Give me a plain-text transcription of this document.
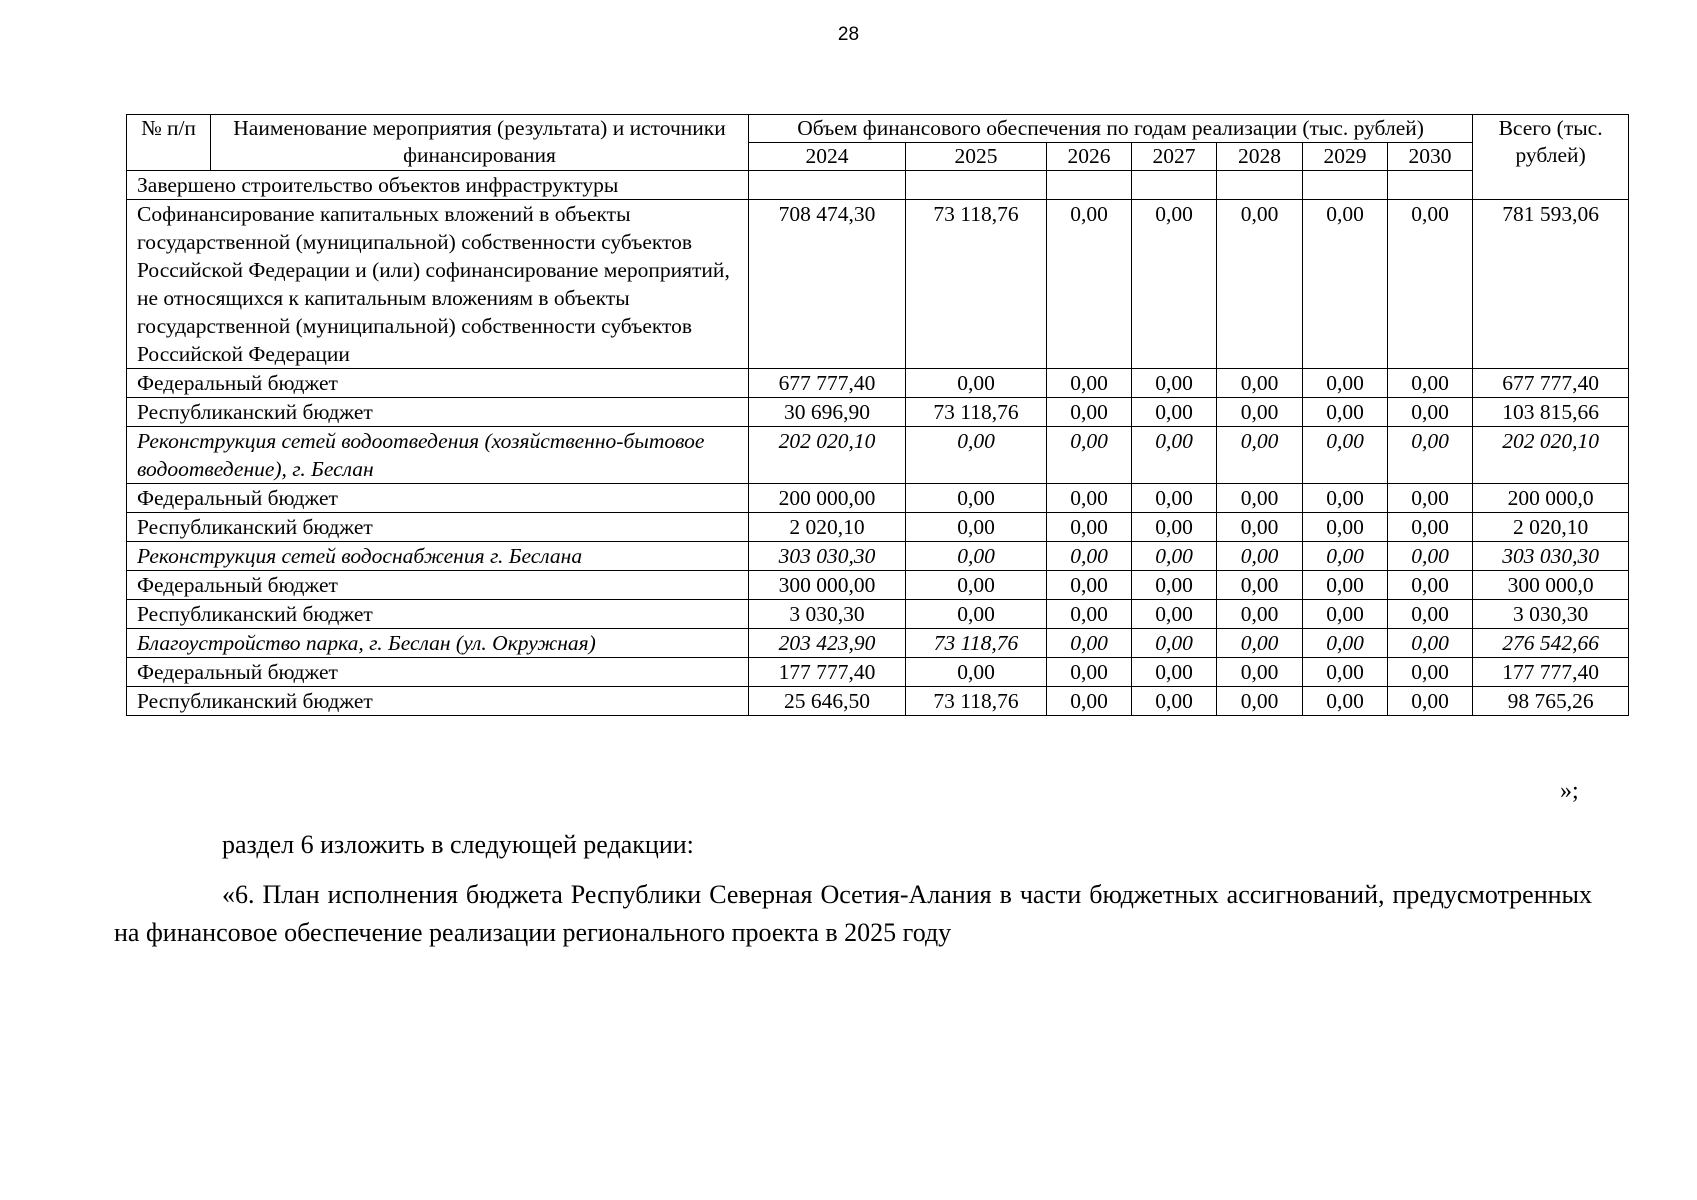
28
№ п/п	Наименование мероприятия (результата) и источники финансирования	Объем финансового обеспечения по годам реализации (тыс. рублей)							Всего (тыс. рублей)
		2024	2025	2026	2027	2028	2029	2030	
Завершено строительство объектов инфраструктуры									
Софинансирование капитальных вложений в объекты государственной (муниципальной) собственности субъектов Российской Федерации и (или) софинансирование мероприятий, не относящихся к капитальным вложениям в объекты государственной (муниципальной) собственности субъектов Российской Федерации		708 474,30	73 118,76	0,00	0,00	0,00	0,00	0,00	781 593,06
Федеральный бюджет		677 777,40	0,00	0,00	0,00	0,00	0,00	0,00	677 777,40
Республиканский бюджет		30 696,90	73 118,76	0,00	0,00	0,00	0,00	0,00	103 815,66
Реконструкция сетей водоотведения (хозяйственно-бытовое водоотведение), г. Беслан		202 020,10	0,00	0,00	0,00	0,00	0,00	0,00	202 020,10
Федеральный бюджет		200 000,00	0,00	0,00	0,00	0,00	0,00	0,00	200 000,0
Республиканский бюджет		2 020,10	0,00	0,00	0,00	0,00	0,00	0,00	2 020,10
Реконструкция сетей водоснабжения г. Беслана		303 030,30	0,00	0,00	0,00	0,00	0,00	0,00	303 030,30
Федеральный бюджет		300 000,00	0,00	0,00	0,00	0,00	0,00	0,00	300 000,0
Республиканский бюджет		3 030,30	0,00	0,00	0,00	0,00	0,00	0,00	3 030,30
Благоустройство парка, г. Беслан (ул. Окружная)		203 423,90	73 118,76	0,00	0,00	0,00	0,00	0,00	276 542,66
Федеральный бюджет		177 777,40	0,00	0,00	0,00	0,00	0,00	0,00	177 777,40
Республиканский бюджет		25 646,50	73 118,76	0,00	0,00	0,00	0,00	0,00	98 765,26
»;

раздел 6 изложить в следующей редакции:

«6. План исполнения бюджета Республики Северная Осетия-Алания в части бюджетных ассигнований, предусмотренных на финансовое обеспечение реализации регионального проекта в 2025 году
